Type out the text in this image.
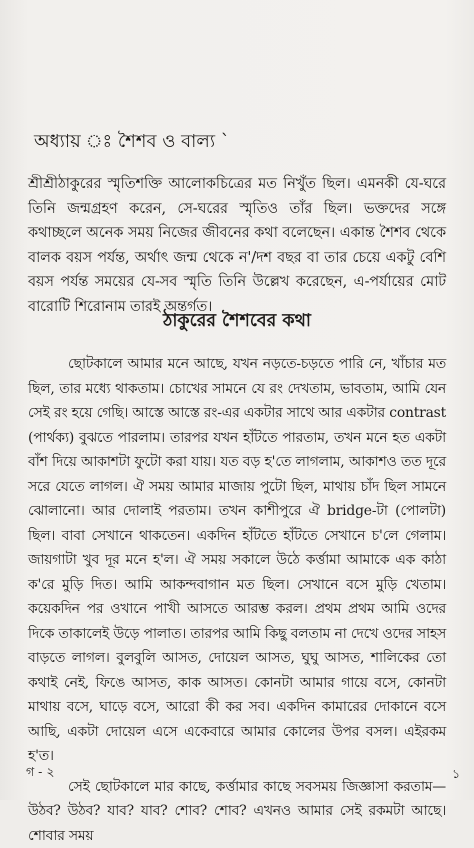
অধ্যায় ঃ শৈশব ও বাল্য `

শ্রীশ্রীঠাকুরের স্মৃতিশক্তি আলোকচিত্রের মত নিখুঁত ছিল। এমনকী যে-ঘরে তিনি জন্মগ্রহণ করেন, সে-ঘরের স্মৃতিও তাঁর ছিল। ভক্তদের সঙ্গে কথাচ্ছলে অনেক সময় নিজের জীবনের কথা বলেছেন। একান্ত শৈশব থেকে বালক বয়স পর্যন্ত, অর্থাৎ জন্ম থেকে ন'/দশ বছর বা তার চেয়ে একটু বেশি বয়স পর্যন্ত সময়ের যে-সব স্মৃতি তিনি উল্লেখ করেছেন, এ-পর্যায়ের মোট বারোটি শিরোনাম তারই অন্তর্গত।

ঠাকুরের শৈশবের কথা

ছোটকালে আমার মনে আছে, যখন নড়তে-চড়তে পারি নে, খাঁচার মত ছিল, তার মধ্যে থাকতাম। চোখের সামনে যে রং দেখতাম, ভাবতাম, আমি যেন সেই রং হয়ে গেছি। আস্তে আস্তে রং-এর একটার সাথে আর একটার contrast (পার্থক্য) বুঝতে পারলাম। তারপর যখন হাঁটতে পারতাম, তখন মনে হত একটা বাঁশ দিয়ে আকাশটা ফুটো করা যায়। যত বড় হ'তে লাগলাম, আকাশও তত দূরে সরে যেতে লাগল। ঐ সময় আমার মাজায় পুটো ছিল, মাথায় চাঁদ ছিল সামনে ঝোলানো। আর দোলাই পরতাম। তখন কাশীপুরে ঐ bridge-টা (পোলটা) ছিল। বাবা সেখানে থাকতেন। একদিন হাঁটতে হাঁটতে সেখানে চ'লে গেলাম। জায়গাটা খুব দূর মনে হ'ল। ঐ সময় সকালে উঠে কর্ত্তামা আমাকে এক কাঠা ক'রে মুড়ি দিত। আমি আকন্দবাগান মত ছিল। সেখানে বসে মুড়ি খেতাম। কয়েকদিন পর ওখানে পাখী আসতে আরম্ভ করল। প্রথম প্রথম আমি ওদের দিকে তাকালেই উড়ে পালাত। তারপর আমি কিছু বলতাম না দেখে ওদের সাহস বাড়তে লাগল। বুলবুলি আসত, দোয়েল আসত, ঘুঘু আসত, শালিকের তো কথাই নেই, ফিঙে আসত, কাক আসত। কোনটা আমার গায়ে বসে, কোনটা মাথায় বসে, ঘাড়ে বসে, আরো কী কর সব। একদিন কামারের দোকানে বসে আছি, একটা দোয়েল এসে একেবারে আমার কোলের উপর বসল। এইরকম হ'ত।

সেই ছোটকালে মার কাছে, কর্ত্তামার কাছে সবসময় জিজ্ঞাসা করতাম—উঠব? উঠব? যাব? যাব? শোব? শোব? এখনও আমার সেই রকমটা আছে। শোবার সময়

গ - ২	১
